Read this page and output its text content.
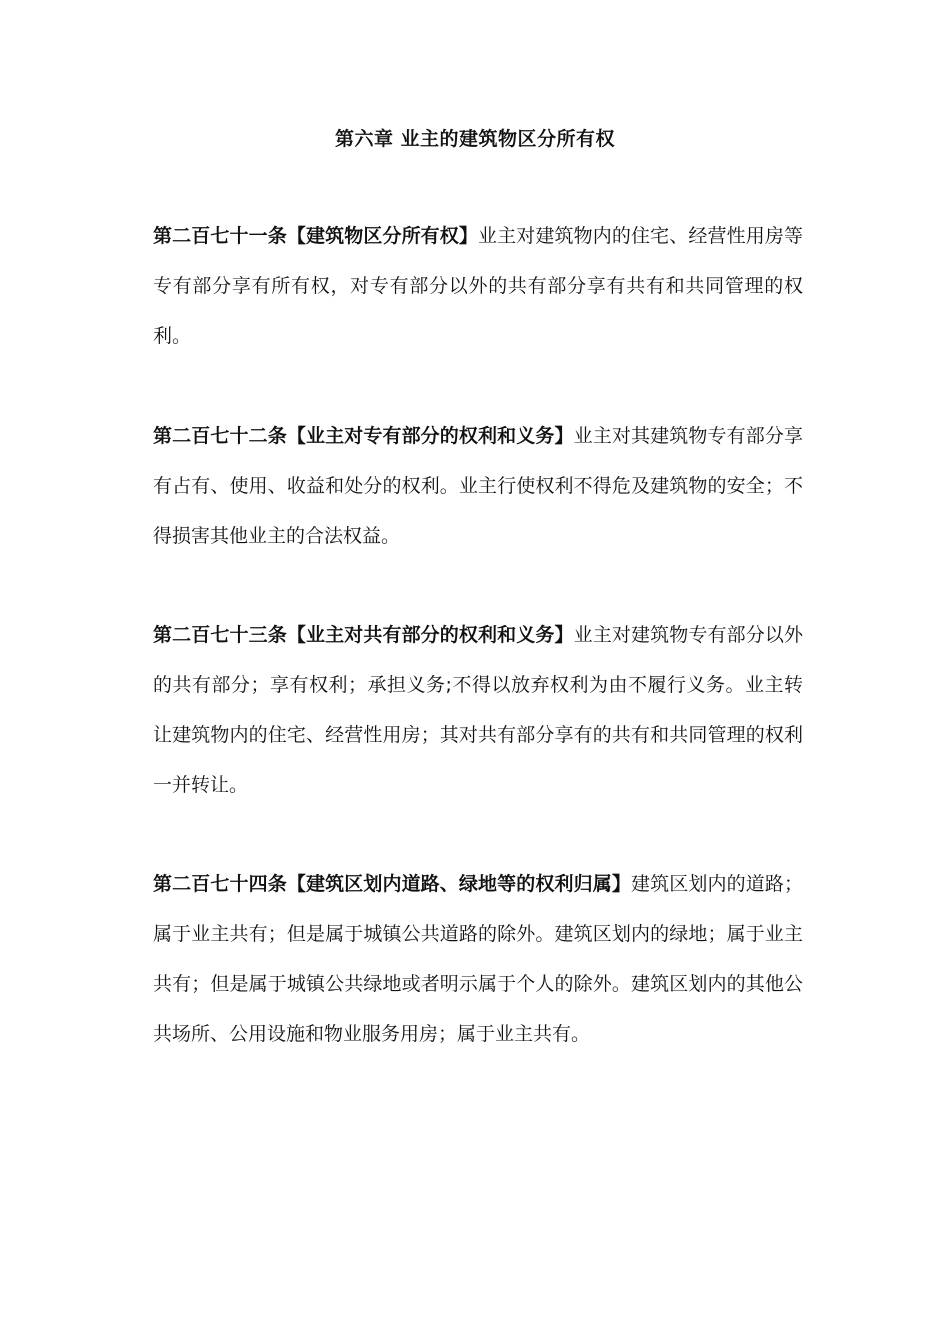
第六章 业主的建筑物区分所有权

第二百七十一条【建筑物区分所有权】业主对建筑物内的住宅、经营性用房等专有部分享有所有权，对专有部分以外的共有部分享有共有和共同管理的权利。

第二百七十二条【业主对专有部分的权利和义务】业主对其建筑物专有部分享有占有、使用、收益和处分的权利。业主行使权利不得危及建筑物的安全；不得损害其他业主的合法权益。

第二百七十三条【业主对共有部分的权利和义务】业主对建筑物专有部分以外的共有部分；享有权利；承担义务;不得以放弃权利为由不履行义务。业主转让建筑物内的住宅、经营性用房；其对共有部分享有的共有和共同管理的权利一并转让。

第二百七十四条【建筑区划内道路、绿地等的权利归属】建筑区划内的道路；属于业主共有；但是属于城镇公共道路的除外。建筑区划内的绿地；属于业主共有；但是属于城镇公共绿地或者明示属于个人的除外。建筑区划内的其他公共场所、公用设施和物业服务用房；属于业主共有。
